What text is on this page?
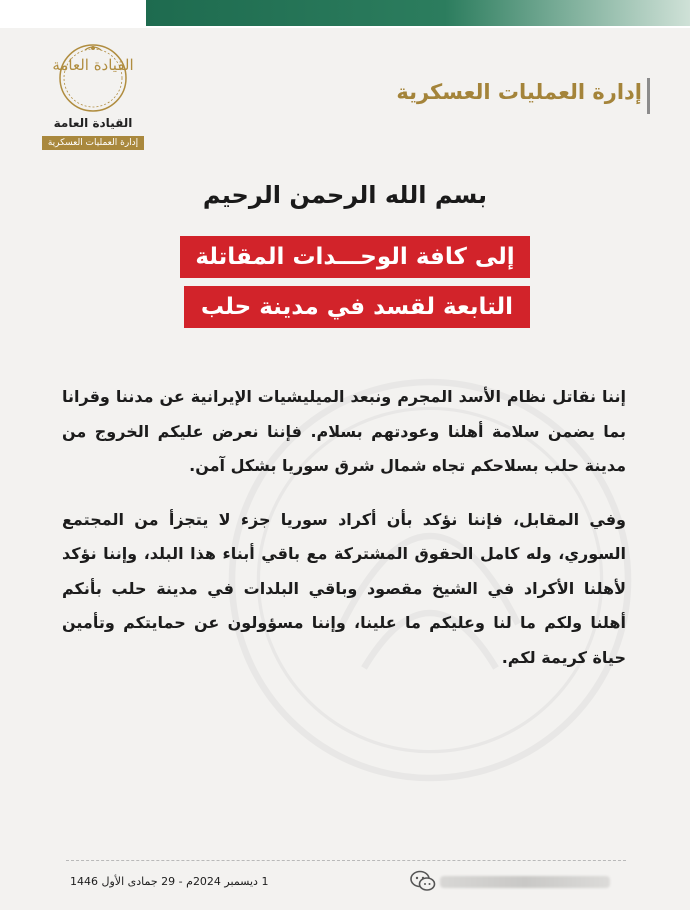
القيادة العامة
القيادة العامة
إدارة العمليات العسكرية
إدارة العمليات العسكرية
بسم الله الرحمن الرحيم
إلى كافة الوحـــدات المقاتلة
التابعة لقسد في مدينة حلب

إننا نقاتل نظام الأسد المجرم ونبعد الميليشيات الإيرانية عن مدننا وقرانا بما يضمن سلامة أهلنا وعودتهم بسلام. فإننا نعرض عليكم الخروج من مدينة حلب بسلاحكم تجاه شمال شرق سوريا بشكل آمن.

وفي المقابل، فإننا نؤكد بأن أكراد سوريا جزء لا يتجزأ من المجتمع السوري، وله كامل الحقوق المشتركة مع باقي أبناء هذا البلد، وإننا نؤكد لأهلنا الأكراد في الشيخ مقصود وباقي البلدات في مدينة حلب بأنكم أهلنا ولكم ما لنا وعليكم ما علينا، وإننا مسؤولون عن حمايتكم وتأمين حياة كريمة لكم.

1 ديسمبر 2024م - 29 جمادى الأول 1446
